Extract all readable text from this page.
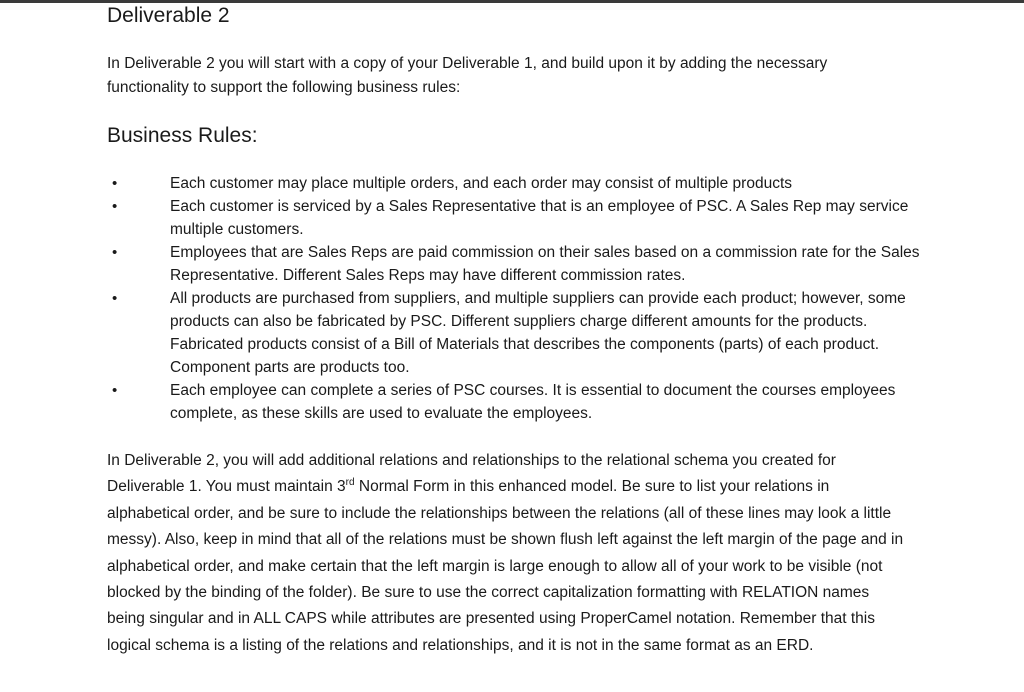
Deliverable 2

In Deliverable 2 you will start with a copy of your Deliverable 1, and build upon it by adding the necessary functionality to support the following business rules:

Business Rules:
•	Each customer may place multiple orders, and each order may consist of multiple products
•	Each customer is serviced by a Sales Representative that is an employee of PSC. A Sales Rep may service multiple customers.
•	Employees that are Sales Reps are paid commission on their sales based on a commission rate for the Sales Representative. Different Sales Reps may have different commission rates.
•	All products are purchased from suppliers, and multiple suppliers can provide each product; however, some products can also be fabricated by PSC. Different suppliers charge different amounts for the products. Fabricated products consist of a Bill of Materials that describes the components (parts) of each product. Component parts are products too.
•	Each employee can complete a series of PSC courses. It is essential to document the courses employees complete, as these skills are used to evaluate the employees.

In Deliverable 2, you will add additional relations and relationships to the relational schema you created for Deliverable 1. You must maintain 3rd Normal Form in this enhanced model. Be sure to list your relations in alphabetical order, and be sure to include the relationships between the relations (all of these lines may look a little messy). Also, keep in mind that all of the relations must be shown flush left against the left margin of the page and in alphabetical order, and make certain that the left margin is large enough to allow all of your work to be visible (not blocked by the binding of the folder). Be sure to use the correct capitalization formatting with RELATION names being singular and in ALL CAPS while attributes are presented using ProperCamel notation. Remember that this logical schema is a listing of the relations and relationships, and it is not in the same format as an ERD.
